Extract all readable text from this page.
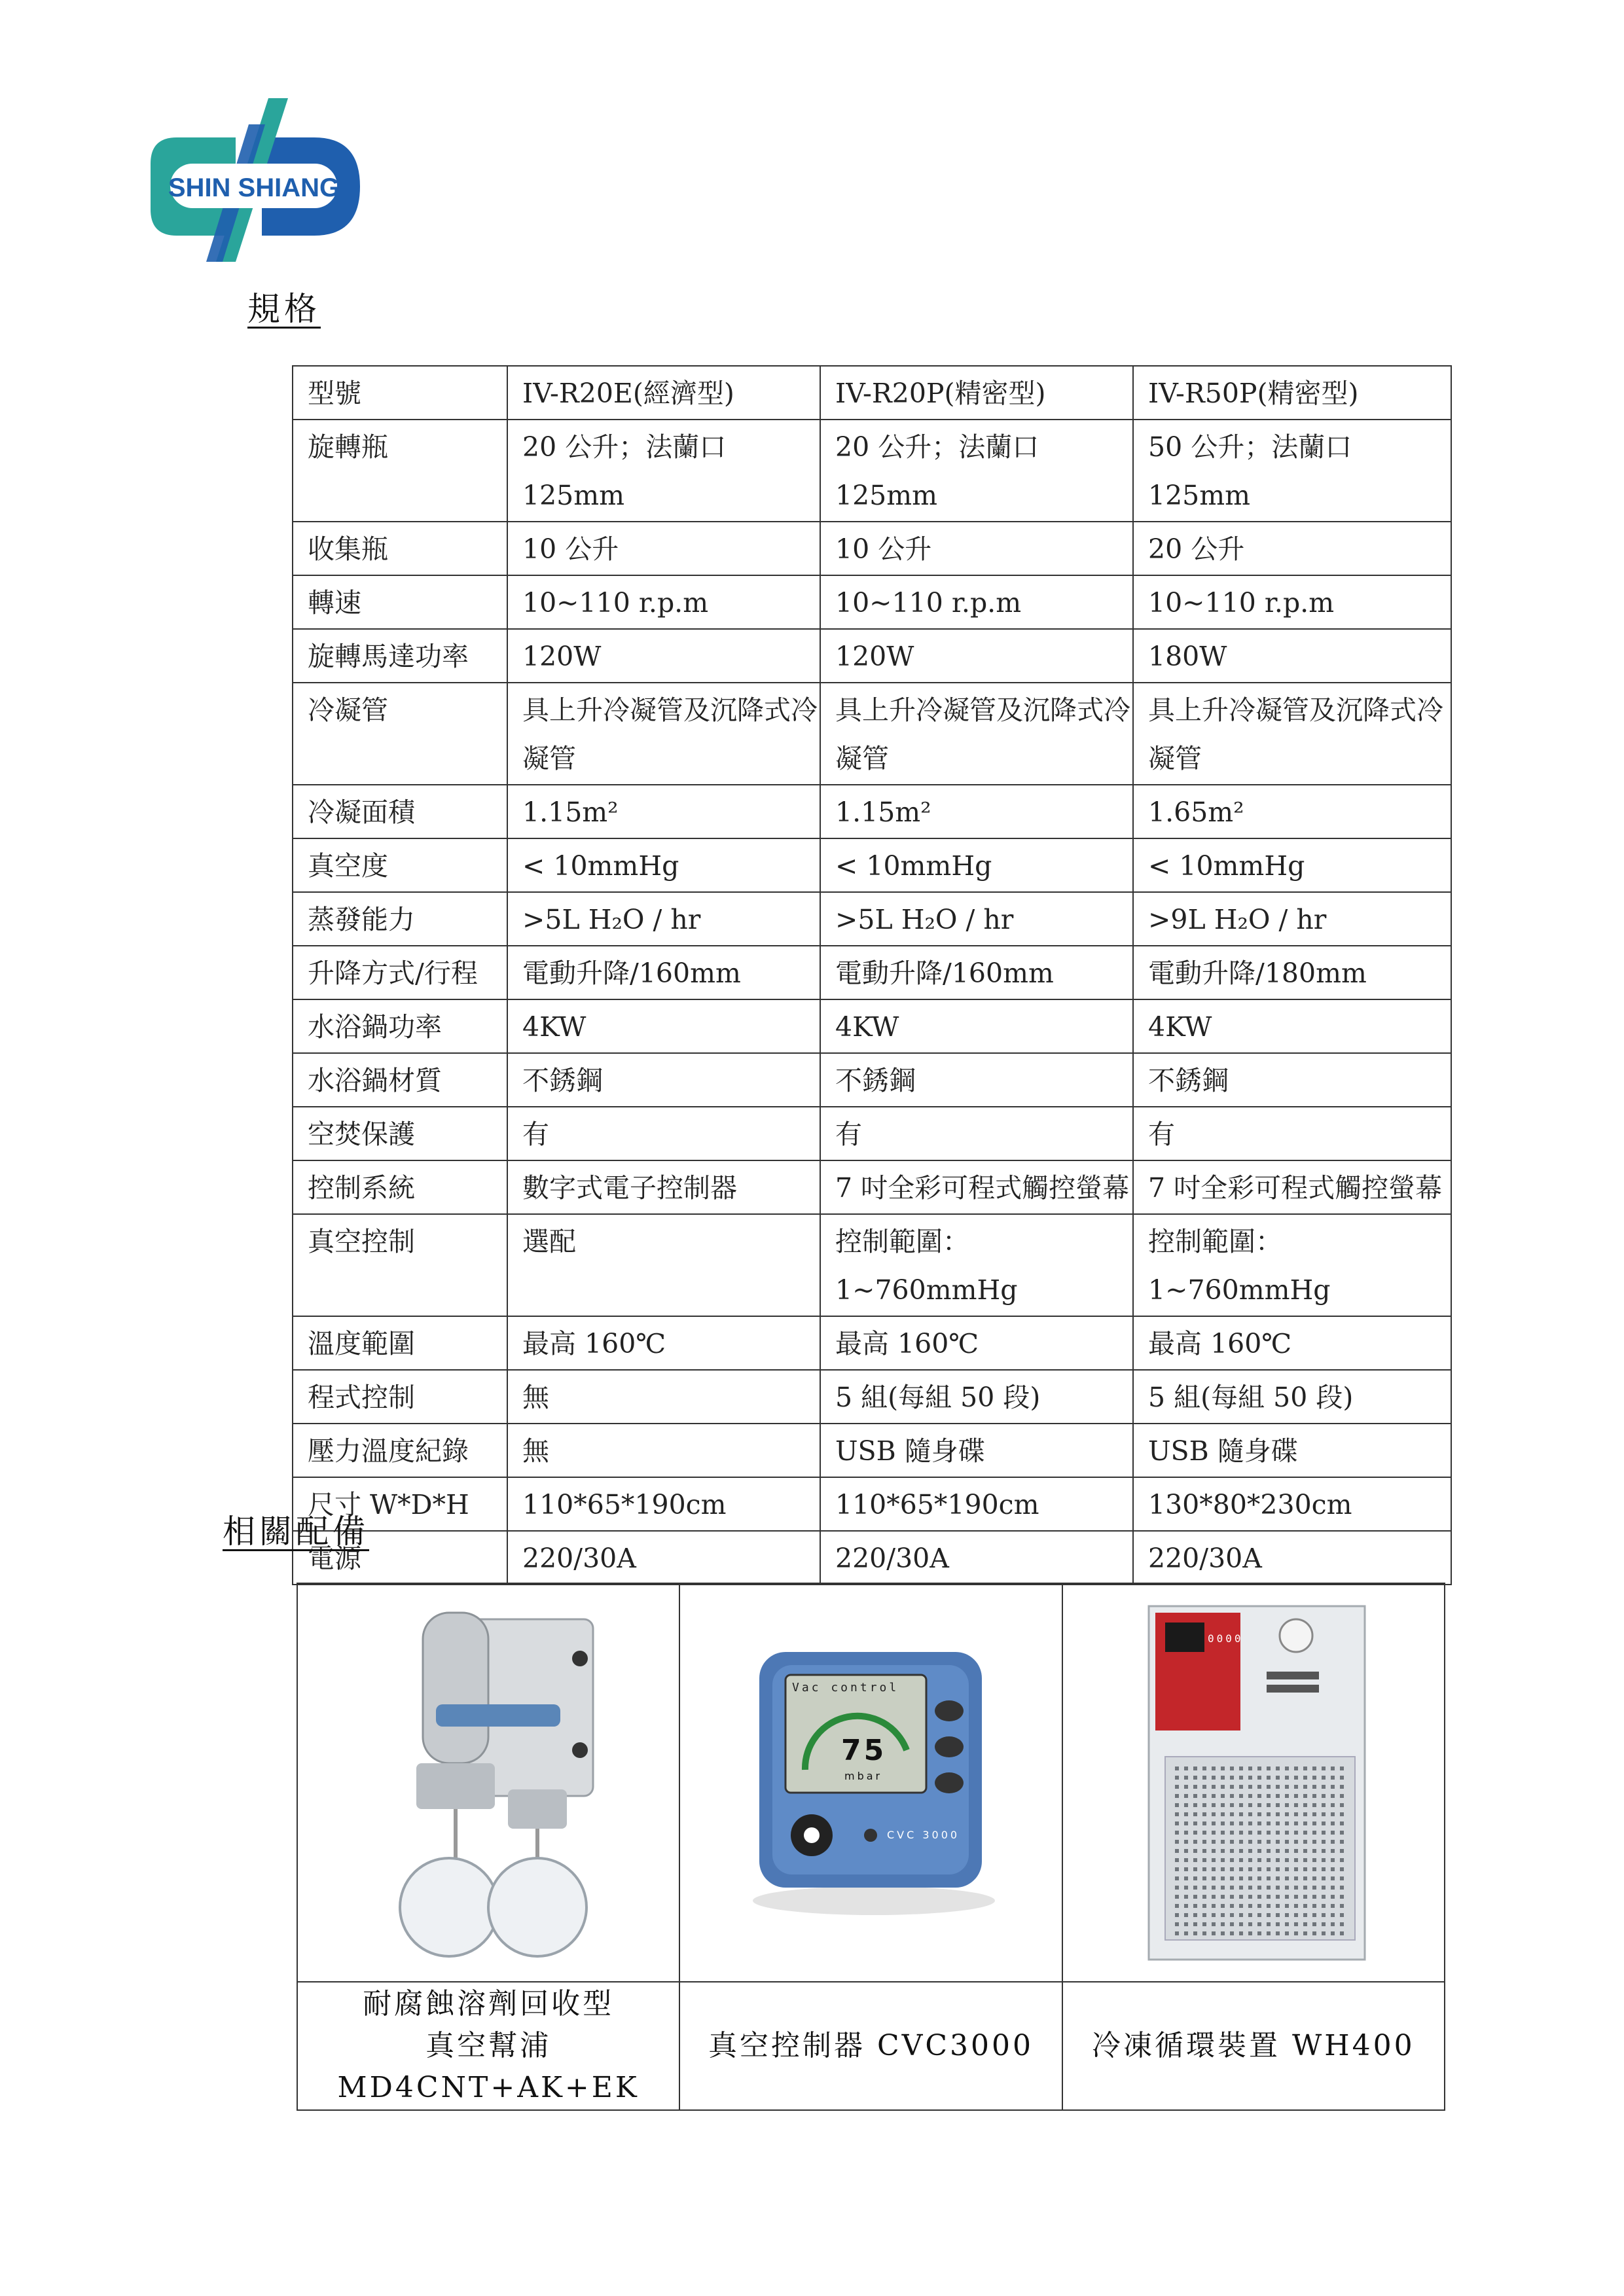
SHIN SHIANG
規格
型號	IV-R20E(經濟型)	IV-R20P(精密型)	IV-R50P(精密型)
旋轉瓶	20 公升；法蘭口 125mm	20 公升；法蘭口 125mm	50 公升；法蘭口 125mm
收集瓶	10 公升	10 公升	20 公升
轉速	10~110 r.p.m	10~110 r.p.m	10~110 r.p.m
旋轉馬達功率	120W	120W	180W
冷凝管	具上升冷凝管及沉降式冷凝管	具上升冷凝管及沉降式冷凝管	具上升冷凝管及沉降式冷凝管
冷凝面積	1.15m²	1.15m²	1.65m²
真空度	< 10mmHg	< 10mmHg	< 10mmHg
蒸發能力	>5L H₂O / hr	>5L H₂O / hr	>9L H₂O / hr
升降方式/行程	電動升降/160mm	電動升降/160mm	電動升降/180mm
水浴鍋功率	4KW	4KW	4KW
水浴鍋材質	不銹鋼	不銹鋼	不銹鋼
空焚保護	有	有	有
控制系統	數字式電子控制器	7 吋全彩可程式觸控螢幕	7 吋全彩可程式觸控螢幕
真空控制	選配	控制範圍：1~760mmHg	控制範圍：1~760mmHg
溫度範圍	最高 160℃	最高 160℃	最高 160℃
程式控制	無	5 組(每組 50 段)	5 組(每組 50 段)
壓力溫度紀錄	無	USB 隨身碟	USB 隨身碟
尺寸 W*D*H	110*65*190cm	110*65*190cm	130*80*230cm
電源	220/30A	220/30A	220/30A
相關配備

Vac control
75
mbar
CVC 3000	0000

耐腐蝕溶劑回收型
真空幫浦 MD4CNT+AK+EK	真空控制器 CVC3000	冷凍循環裝置 WH400
